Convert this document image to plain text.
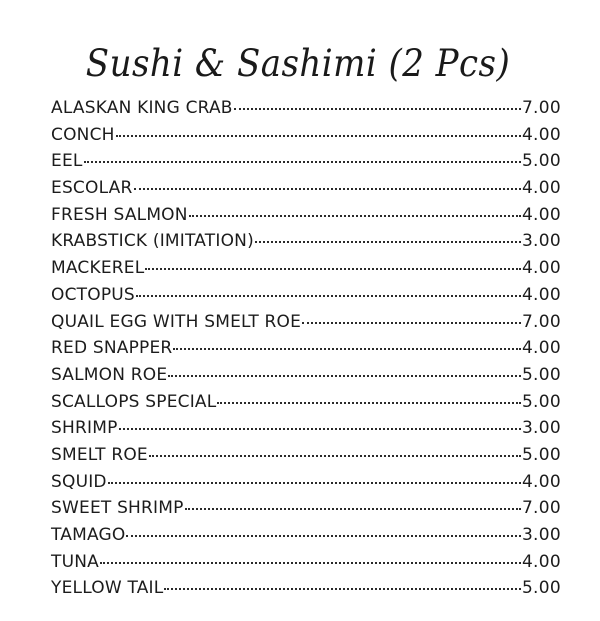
Sushi & Sashimi (2 Pcs)
ALASKAN KING CRAB	7.00
CONCH	4.00
EEL	5.00
ESCOLAR	4.00
FRESH SALMON	4.00
KRABSTICK (IMITATION)	3.00
MACKEREL	4.00
OCTOPUS	4.00
QUAIL EGG WITH SMELT ROE	7.00
RED SNAPPER	4.00
SALMON ROE	5.00
SCALLOPS SPECIAL	5.00
SHRIMP	3.00
SMELT ROE	5.00
SQUID	4.00
SWEET SHRIMP	7.00
TAMAGO	3.00
TUNA	4.00
YELLOW TAIL	5.00
